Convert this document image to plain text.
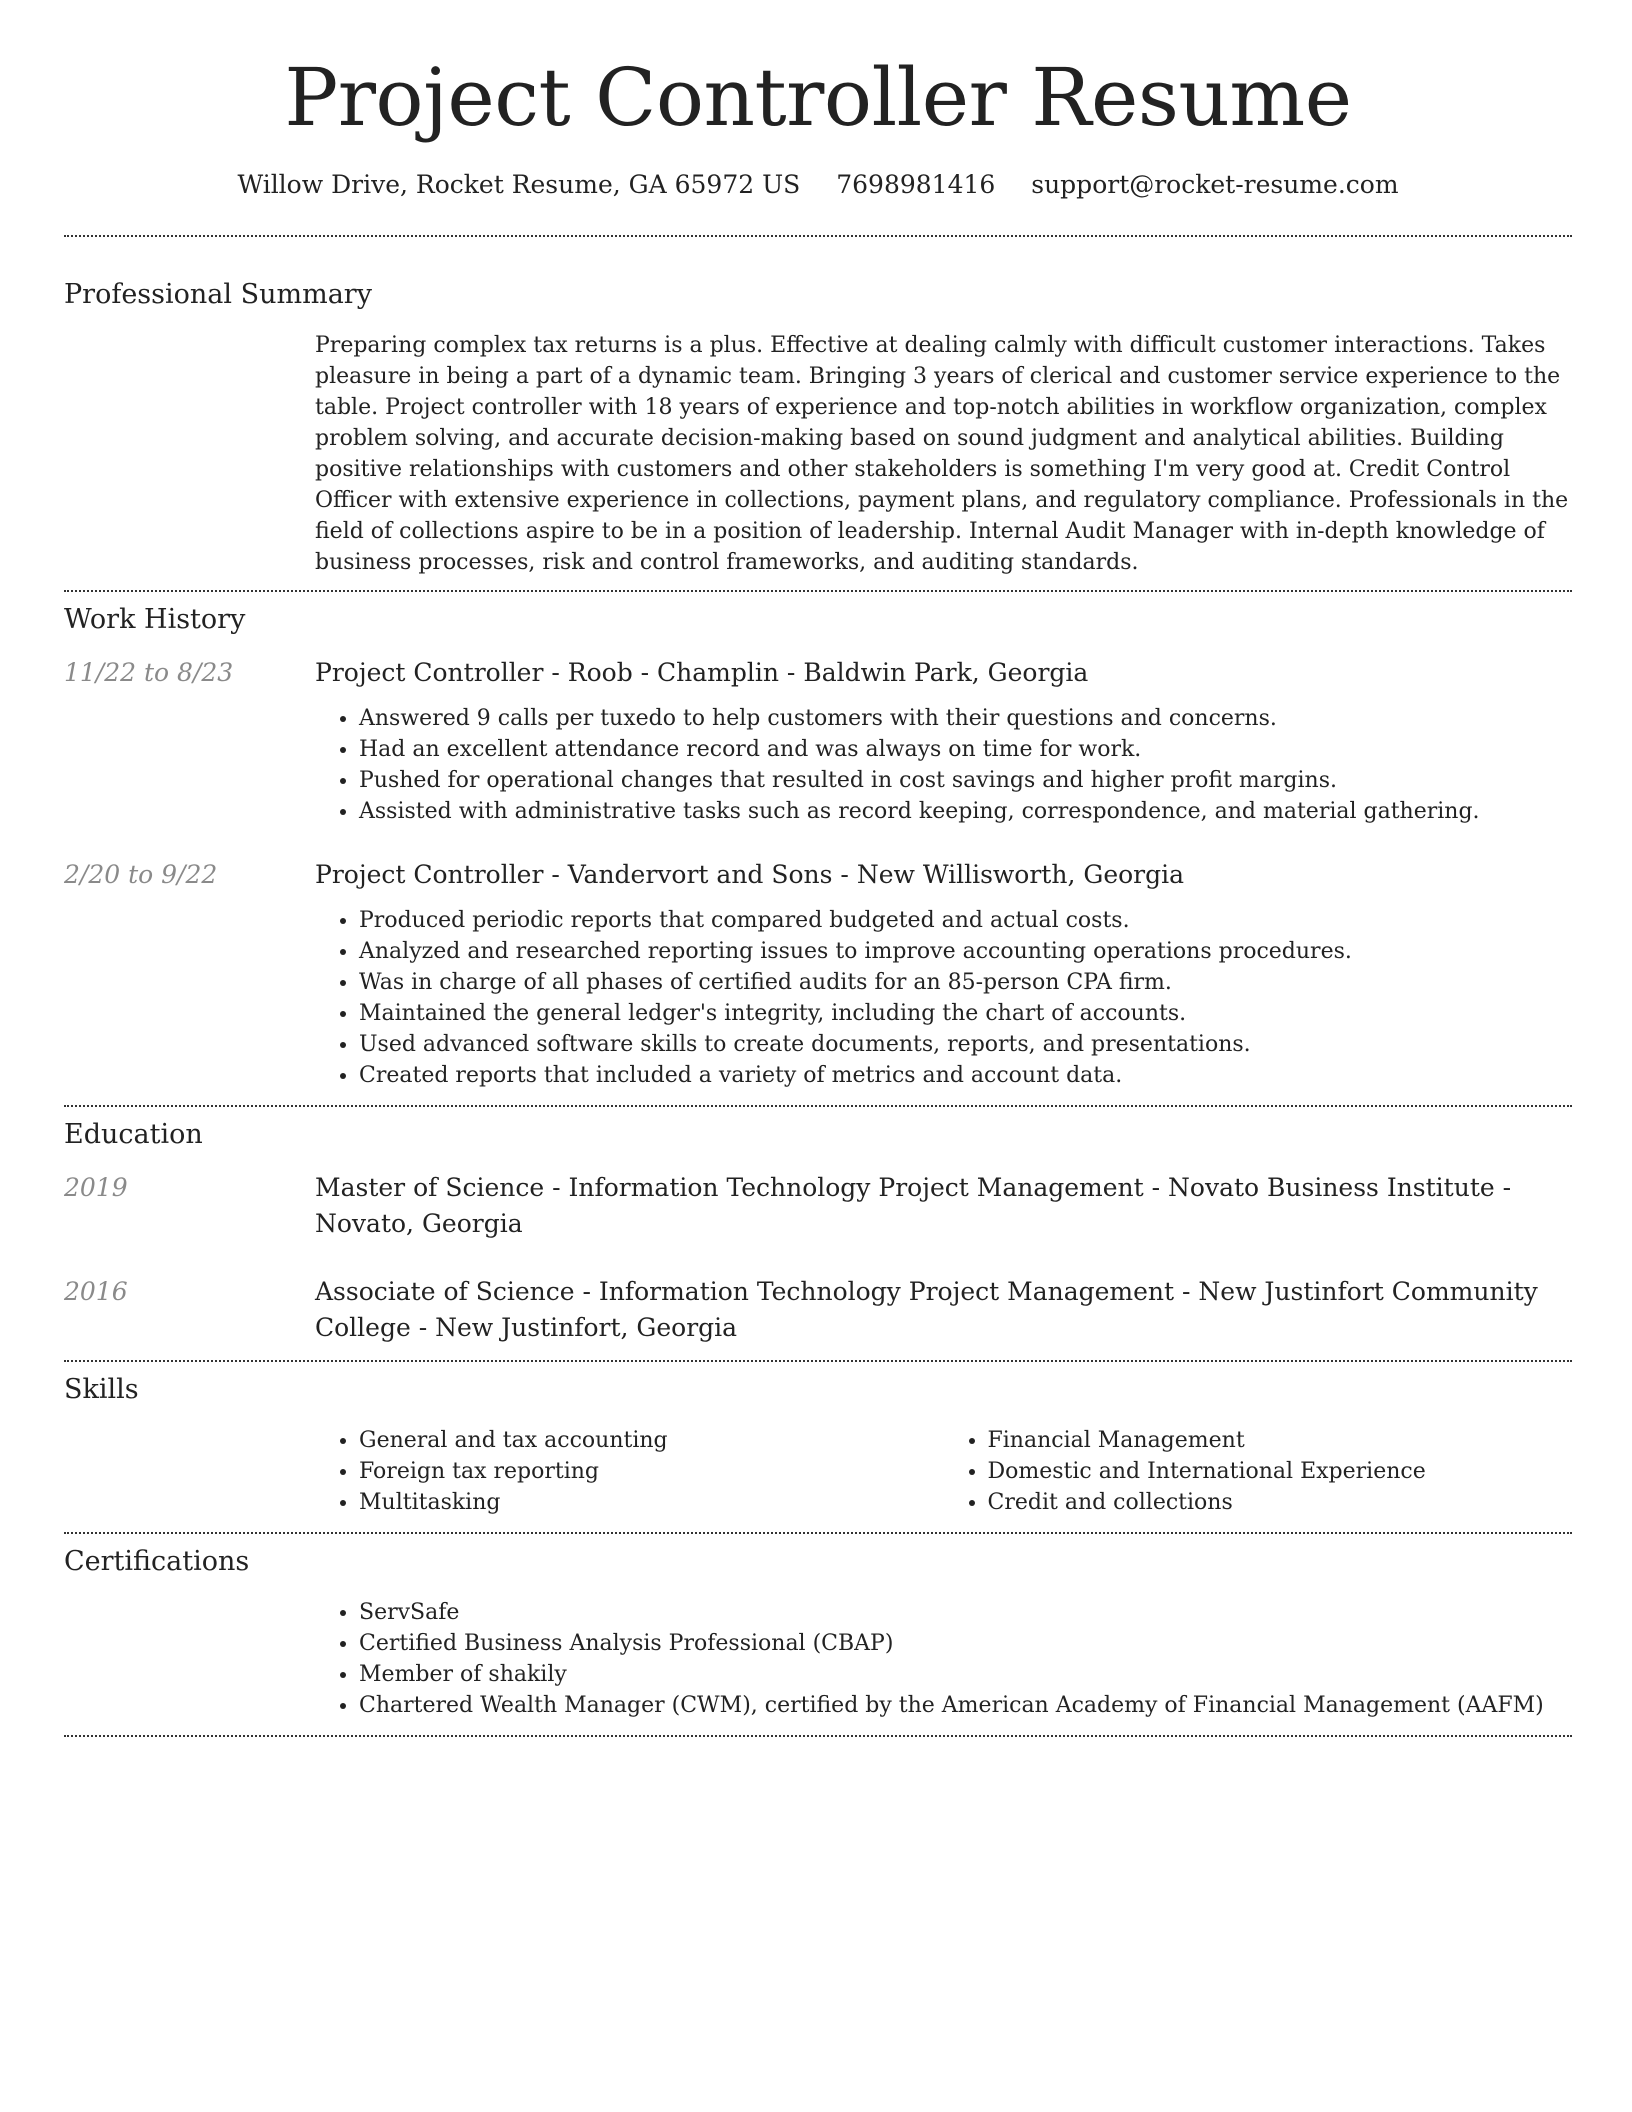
Project Controller Resume
Willow Drive, Rocket Resume, GA 65972 US 7698981416 support@rocket-resume.com
Professional Summary
Preparing complex tax returns is a plus. Effective at dealing calmly with difficult customer interactions. Takes pleasure in being a part of a dynamic team. Bringing 3 years of clerical and customer service experience to the table. Project controller with 18 years of experience and top-notch abilities in workflow organization, complex problem solving, and accurate decision-making based on sound judgment and analytical abilities. Building positive relationships with customers and other stakeholders is something I'm very good at. Credit Control Officer with extensive experience in collections, payment plans, and regulatory compliance. Professionals in the field of collections aspire to be in a position of leadership. Internal Audit Manager with in-depth knowledge of business processes, risk and control frameworks, and auditing standards.
Work History
11/22 to 8/23	Project Controller - Roob - Champlin - Baldwin Park, Georgia
• Answered 9 calls per tuxedo to help customers with their questions and concerns.
• Had an excellent attendance record and was always on time for work.
• Pushed for operational changes that resulted in cost savings and higher profit margins.
• Assisted with administrative tasks such as record keeping, correspondence, and material gathering.
2/20 to 9/22	Project Controller - Vandervort and Sons - New Willisworth, Georgia
• Produced periodic reports that compared budgeted and actual costs.
• Analyzed and researched reporting issues to improve accounting operations procedures.
• Was in charge of all phases of certified audits for an 85-person CPA firm.
• Maintained the general ledger's integrity, including the chart of accounts.
• Used advanced software skills to create documents, reports, and presentations.
• Created reports that included a variety of metrics and account data.
Education
2019	Master of Science - Information Technology Project Management - Novato Business Institute - Novato, Georgia
2016	Associate of Science - Information Technology Project Management - New Justinfort Community College - New Justinfort, Georgia
Skills
• General and tax accounting
• Foreign tax reporting
• Multitasking
• Financial Management
• Domestic and International Experience
• Credit and collections
Certifications
• ServSafe
• Certified Business Analysis Professional (CBAP)
• Member of shakily
• Chartered Wealth Manager (CWM), certified by the American Academy of Financial Management (AAFM)
